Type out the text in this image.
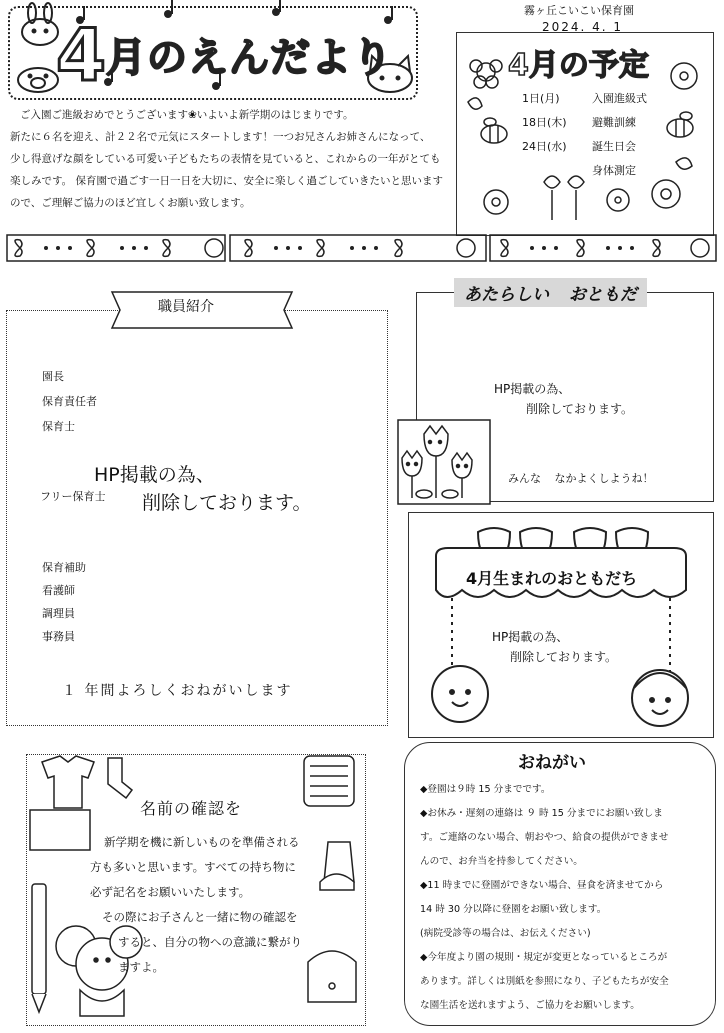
4 月のえんだより
霧ヶ丘こいこい保育園
2024. 4. 1
ご入園ご進級おめでとうございます❀いよいよ新学期のはじまりです。
新たに６名を迎え、計２２名で元気にスタートします！一つお兄さんお姉さんになって、
少し得意げな顔をしている可愛い子どもたちの表情を見ていると、これからの一年がとても
楽しみです。 保育園で過ごす一日一日を大切に、安全に楽しく過ごしていきたいと思います
ので、ご理解ご協力のほど宜しくお願い致します。
4月の予定
1日(月)	入園進級式
18日(木) 避難訓練
24日(水) 誕生日会
身体測定
職員紹介
園長
保育責任者
保育士
フリー保育士
HP掲載の為、
削除しております。
保育補助
看護師
調理員
事務員
１ 年間よろしくおねがいします
あたらしい おともだ
HP掲載の為、
削除しております。
みんな なかよくしようね！
4月生まれのおともだち
HP掲載の為、
削除しております。
名前の確認を
新学期を機に新しいものを準備される
方も多いと思います。すべての持ち物に
必ず記名をお願いいたします。
その際にお子さんと一緒に物の確認を
すると、自分の物への意識に繋がり
ますよ。
おねがい
◆登園は９時 15 分までです。
◆お休み・遅刻の連絡は ９ 時 15 分までにお願い致しま
す。ご連絡のない場合、朝おやつ、給食の提供ができませ
んので、お弁当を持参してください。
◆11 時までに登園ができない場合、昼食を済ませてから
14 時 30 分以降に登園をお願い致します。
(病院受診等の場合は、お伝えください)
◆今年度より園の規則・規定が変更となっているところが
あります。詳しくは別紙を参照になり、子どもたちが安全
な園生活を送れますよう、ご協力をお願いします。
